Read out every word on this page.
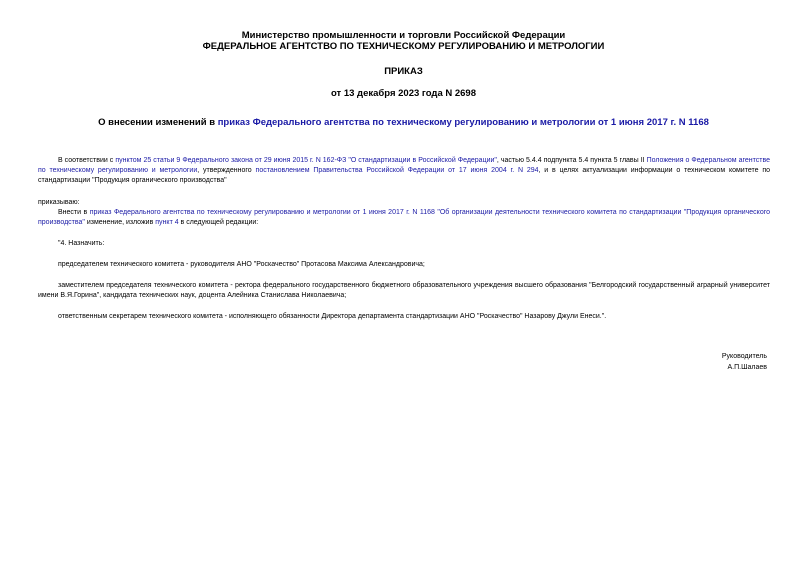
Министерство промышленности и торговли Российской Федерации
ФЕДЕРАЛЬНОЕ АГЕНТСТВО ПО ТЕХНИЧЕСКОМУ РЕГУЛИРОВАНИЮ И МЕТРОЛОГИИ
ПРИКАЗ
от 13 декабря 2023 года N 2698
О внесении изменений в приказ Федерального агентства по техническому регулированию и метрологии от 1 июня 2017 г. N 1168
В соответствии с пунктом 25 статьи 9 Федерального закона от 29 июня 2015 г. N 162-ФЗ "О стандартизации в Российской Федерации", частью 5.4.4 подпункта 5.4 пункта 5 главы II Положения о Федеральном агентстве по техническому регулированию и метрологии, утвержденного постановлением Правительства Российской Федерации от 17 июня 2004 г. N 294, и в целях актуализации информации о техническом комитете по стандартизации "Продукция органического производства"
приказываю:
Внести в приказ Федерального агентства по техническому регулированию и метрологии от 1 июня 2017 г. N 1168 "Об организации деятельности технического комитета по стандартизации "Продукция органического производства" изменение, изложив пункт 4 в следующей редакции:
"4. Назначить:
председателем технического комитета - руководителя АНО "Роскачество" Протасова Максима Александровича;
заместителем председателя технического комитета - ректора федерального государственного бюджетного образовательного учреждения высшего образования "Белгородский государственный аграрный университет имени В.Я.Горина", кандидата технических наук, доцента Алейника Станислава Николаевича;
ответственным секретарем технического комитета - исполняющего обязанности Директора департамента стандартизации АНО "Роскачество" Назарову Джули Енеси.".
Руководитель
А.П.Шалаев
